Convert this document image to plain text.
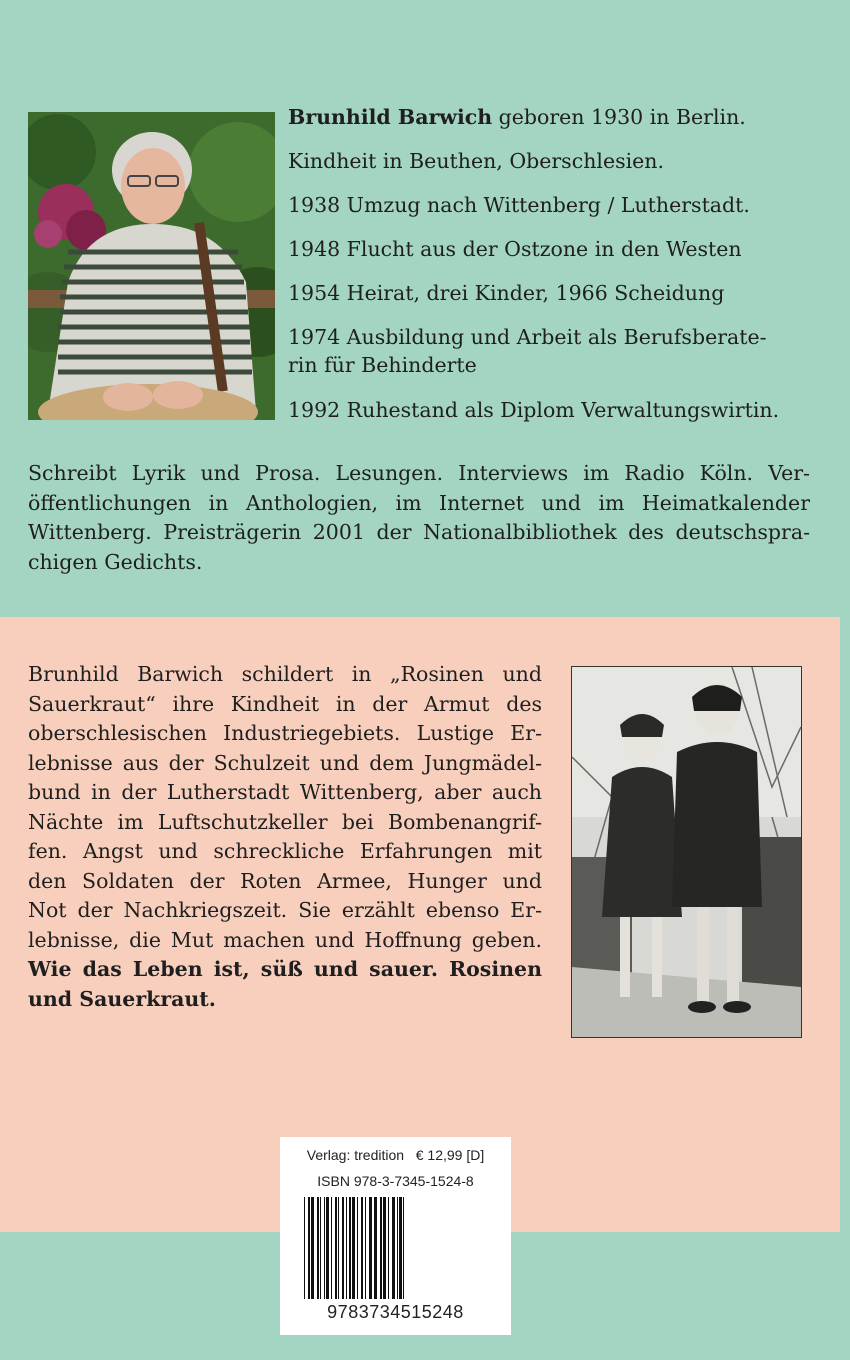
Brunhild Barwich geboren 1930 in Berlin.

Kindheit in Beuthen, Oberschlesien.

1938 Umzug nach Wittenberg / Lutherstadt.

1948 Flucht aus der Ostzone in den Westen

1954 Heirat, drei Kinder, 1966 Scheidung

1974 Ausbildung und Arbeit als Berufsberate-

rin für Behinderte

1992 Ruhestand als Diplom Verwaltungswirtin.

Schreibt Lyrik und Prosa. Lesungen. Interviews im Radio Köln. Ver-
öffentlichungen in Anthologien, im Internet und im Heimatkalender
Wittenberg. Preisträgerin 2001 der Nationalbibliothek des deutschspra-
chigen Gedichts.
Brunhild Barwich schildert in „Rosinen und
Sauerkraut“ ihre Kindheit in der Armut des
oberschlesischen Industriegebiets. Lustige Er-
lebnisse aus der Schulzeit und dem Jungmädel-
bund in der Lutherstadt Wittenberg, aber auch
Nächte im Luftschutzkeller bei Bombenangrif-
fen. Angst und schreckliche Erfahrungen mit
den Soldaten der Roten Armee, Hunger und
Not der Nachkriegszeit. Sie erzählt ebenso Er-
lebnisse, die Mut machen und Hoffnung geben.
Wie das Leben ist, süß und sauer. Rosinen
und Sauerkraut.
Verlag: tredition € 12,99 [D]
ISBN 978-3-7345-1524-8
9783734515248
